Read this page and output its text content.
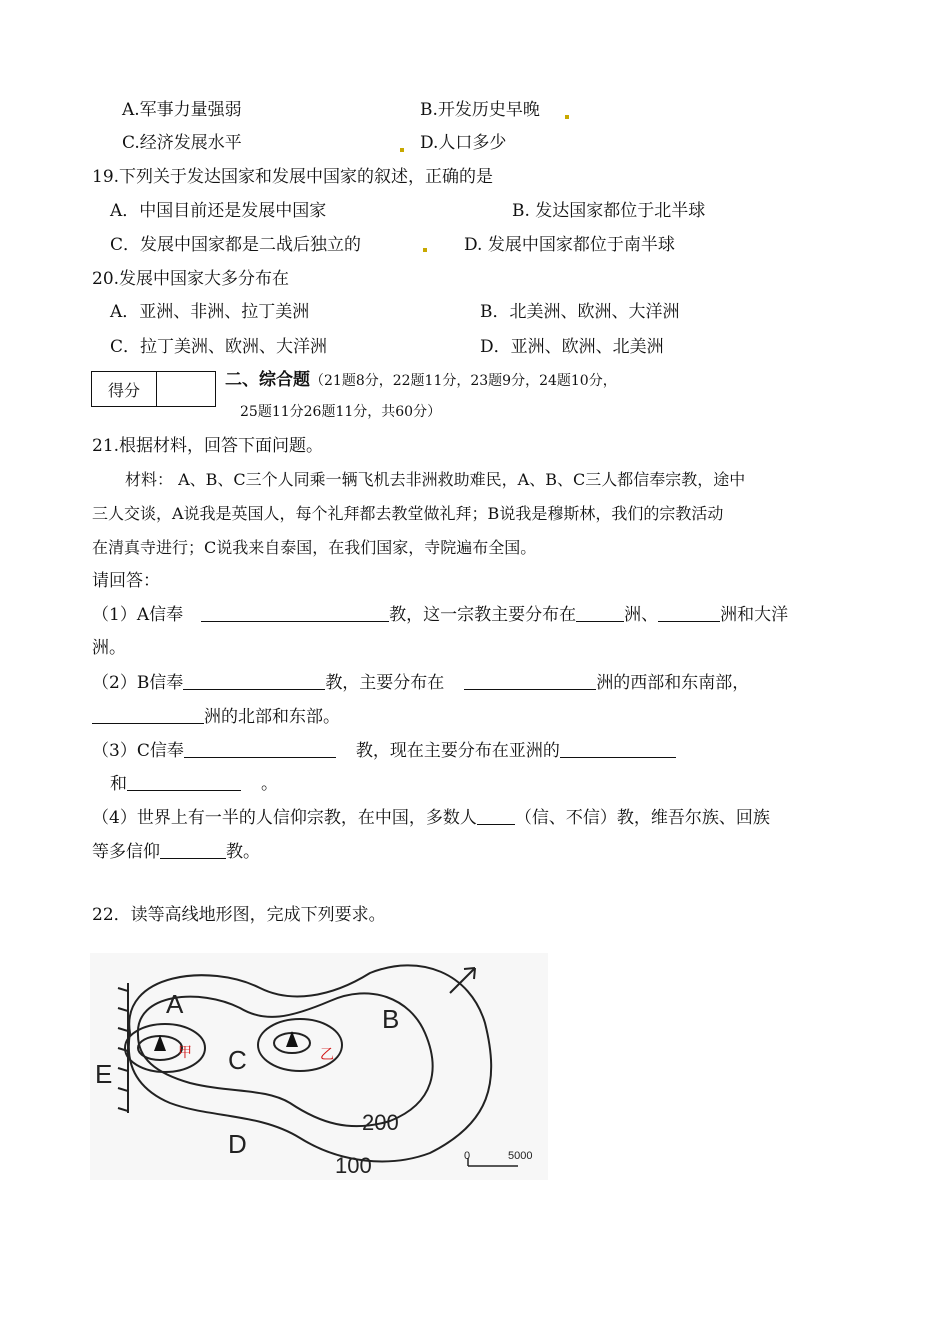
A.军事力量强弱	B.开发历史早晚
C.经济发展水平	D.人口多少
19.下列关于发达国家和发展中国家的叙述，正确的是
A．中国目前还是发展中国家	B. 发达国家都位于北半球
C．发展中国家都是二战后独立的	D. 发展中国家都位于南半球
20.发展中国家大多分布在
A．亚洲、非洲、拉丁美洲	B．北美洲、欧洲、大洋洲
C．拉丁美洲、欧洲、大洋洲	D．亚洲、欧洲、北美洲
得分		二、综合题（21题8分，22题11分，23题9分，24题10分，
25题11分26题11分，共60分）
21.根据材料，回答下面问题。
材料： A、B、C三个人同乘一辆飞机去非洲救助难民，A、B、C三人都信奉宗教，途中
三人交谈，A说我是英国人，每个礼拜都去教堂做礼拜；B说我是穆斯林，我们的宗教活动
在清真寺进行；C说我来自泰国，在我们国家，寺院遍布全国。
请回答：
（1）A信奉	教，这一宗教主要分布在	洲、	洲和大洋
洲。
（2）B信奉	教，主要分布在	洲的西部和东南部，
洲的北部和东部。
（3）C信奉	教，现在主要分布在亚洲的
和	。
（4）世界上有一半的人信仰宗教，在中国，多数人 （信、不信）教，维吾尔族、回族
等多信仰	教。
22．读等高线地形图，完成下列要求。
A	B
C
D
E
甲	乙
200
100	0	5000
